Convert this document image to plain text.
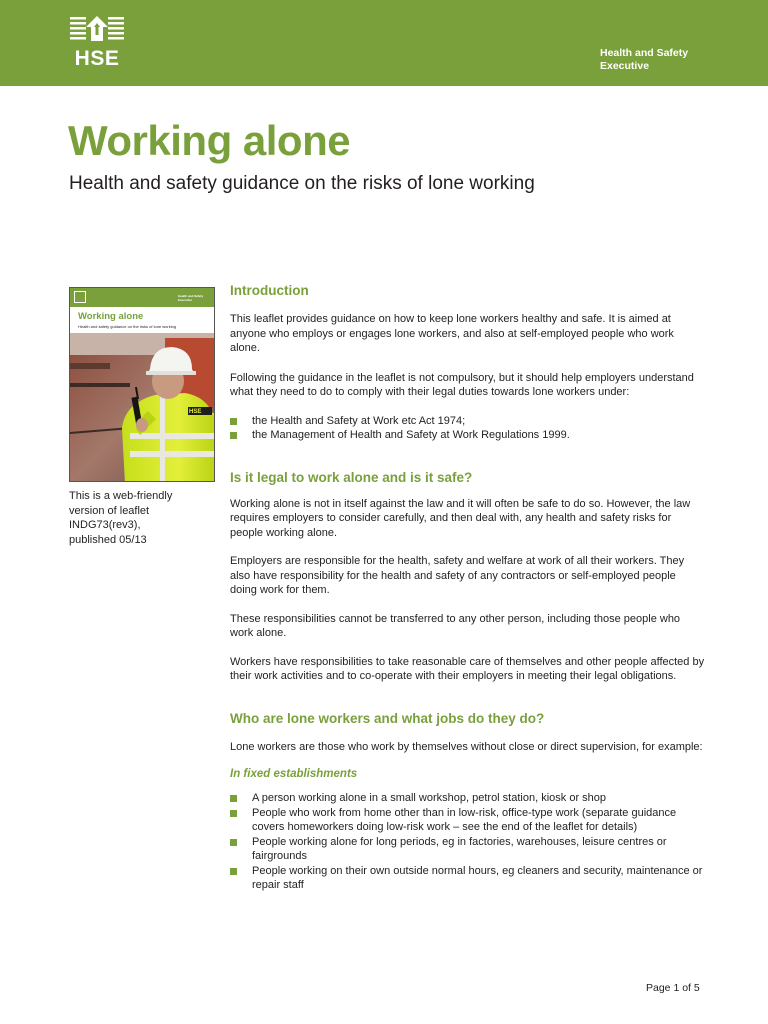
HSE	Health and Safety
Executive
Working alone
Health and safety guidance on the risks of lone working
Health and Safety Executive
Working alone
Health and safety guidance on the risks of lone working
HSE
This is a web-friendly
version of leaflet
INDG73(rev3),
published 05/13
Introduction
This leaflet provides guidance on how to keep lone workers healthy and safe. It is aimed at anyone who employs or engages lone workers, and also at self-employed people who work alone.
Following the guidance in the leaflet is not compulsory, but it should help employers understand what they need to do to comply with their legal duties towards lone workers under:
the Health and Safety at Work etc Act 1974;
the Management of Health and Safety at Work Regulations 1999.
Is it legal to work alone and is it safe?
Working alone is not in itself against the law and it will often be safe to do so. However, the law requires employers to consider carefully, and then deal with, any health and safety risks for people working alone.
Employers are responsible for the health, safety and welfare at work of all their workers. They also have responsibility for the health and safety of any contractors or self-employed people doing work for them.
These responsibilities cannot be transferred to any other person, including those people who work alone.
Workers have responsibilities to take reasonable care of themselves and other people affected by their work activities and to co-operate with their employers in meeting their legal obligations.
Who are lone workers and what jobs do they do?
Lone workers are those who work by themselves without close or direct supervision, for example:
In fixed establishments
A person working alone in a small workshop, petrol station, kiosk or shop
People who work from home other than in low-risk, office-type work (separate guidance covers homeworkers doing low-risk work – see the end of the leaflet for details)
People working alone for long periods, eg in factories, warehouses, leisure centres or fairgrounds
People working on their own outside normal hours, eg cleaners and security, maintenance or repair staff
Page 1 of 5
